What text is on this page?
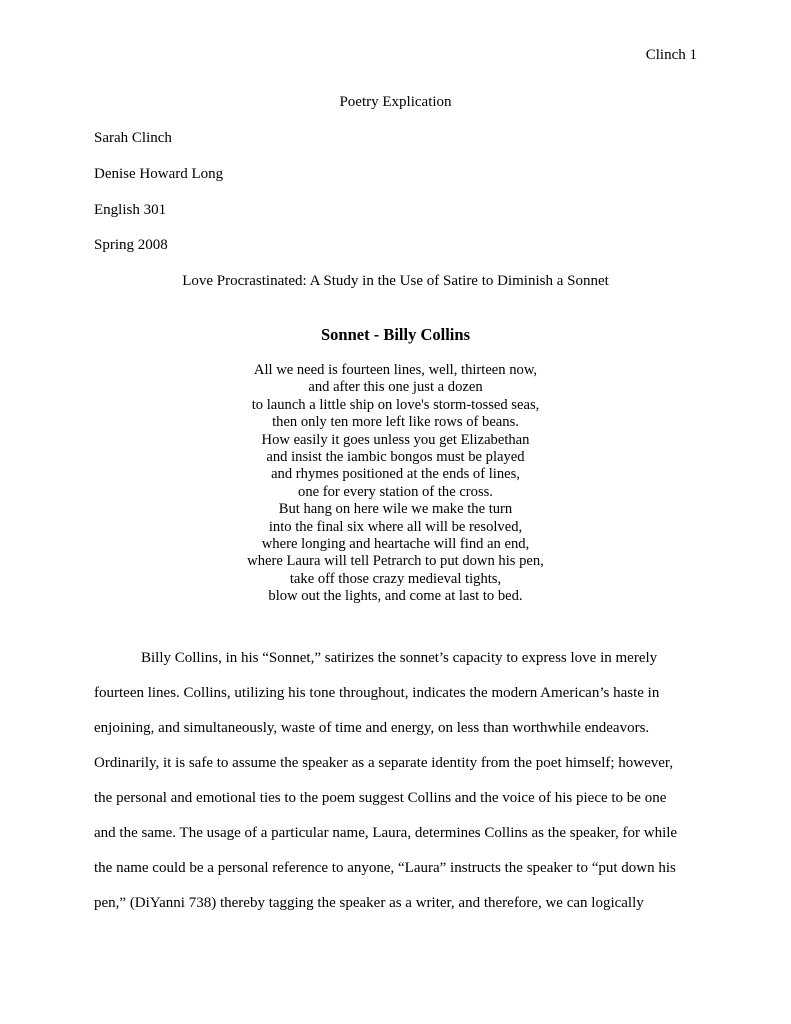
Clinch 1
Poetry Explication
Sarah Clinch
Denise Howard Long
English 301
Spring 2008
Love Procrastinated: A Study in the Use of Satire to Diminish a Sonnet
Sonnet - Billy Collins
All we need is fourteen lines, well, thirteen now,
and after this one just a dozen
to launch a little ship on love's storm-tossed seas,
then only ten more left like rows of beans.
How easily it goes unless you get Elizabethan
and insist the iambic bongos must be played
and rhymes positioned at the ends of lines,
one for every station of the cross.
But hang on here wile we make the turn
into the final six where all will be resolved,
where longing and heartache will find an end,
where Laura will tell Petrarch to put down his pen,
take off those crazy medieval tights,
blow out the lights, and come at last to bed.
Billy Collins, in his “Sonnet,” satirizes the sonnet’s capacity to express love in merely
fourteen lines. Collins, utilizing his tone throughout, indicates the modern American’s haste in
enjoining, and simultaneously, waste of time and energy, on less than worthwhile endeavors.
Ordinarily, it is safe to assume the speaker as a separate identity from the poet himself; however,
the personal and emotional ties to the poem suggest Collins and the voice of his piece to be one
and the same. The usage of a particular name, Laura, determines Collins as the speaker, for while
the name could be a personal reference to anyone, “Laura” instructs the speaker to “put down his
pen,” (DiYanni 738) thereby tagging the speaker as a writer, and therefore, we can logically
